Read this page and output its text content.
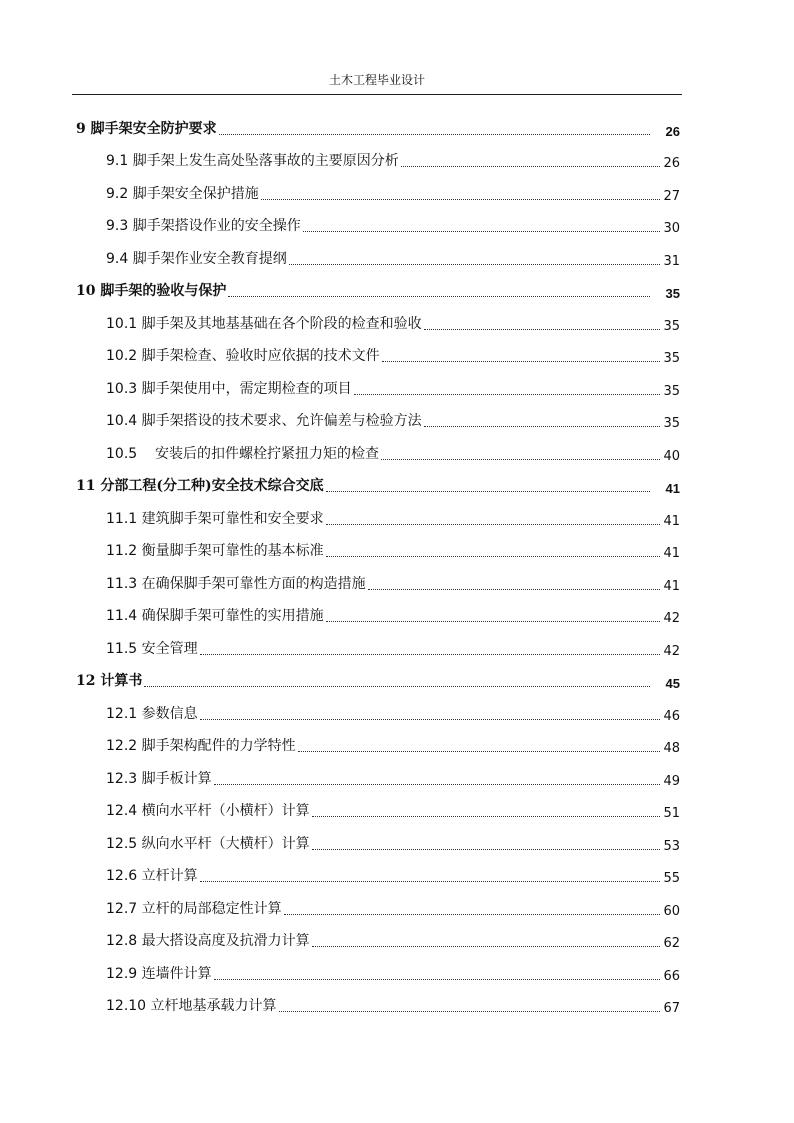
土木工程毕业设计
9 脚手架安全防护要求	26
9.1 脚手架上发生高处坠落事故的主要原因分析	26
9.2 脚手架安全保护措施	27
9.3 脚手架搭设作业的安全操作	30
9.4 脚手架作业安全教育提纲	31
10 脚手架的验收与保护	35
10.1 脚手架及其地基基础在各个阶段的检查和验收	35
10.2 脚手架检查、验收时应依据的技术文件	35
10.3 脚手架使用中，需定期检查的项目	35
10.4 脚手架搭设的技术要求、允许偏差与检验方法	35
10.5 安装后的扣件螺栓拧紧扭力矩的检查	40
11 分部工程(分工种)安全技术综合交底	41
11.1 建筑脚手架可靠性和安全要求	41
11.2 衡量脚手架可靠性的基本标准	41
11.3 在确保脚手架可靠性方面的构造措施	41
11.4 确保脚手架可靠性的实用措施	42
11.5 安全管理	42
12 计算书	45
12.1 参数信息	46
12.2 脚手架构配件的力学特性	48
12.3 脚手板计算	49
12.4 横向水平杆（小横杆）计算	51
12.5 纵向水平杆（大横杆）计算	53
12.6 立杆计算	55
12.7 立杆的局部稳定性计算	60
12.8 最大搭设高度及抗滑力计算	62
12.9 连墙件计算	66
12.10 立杆地基承载力计算	67
